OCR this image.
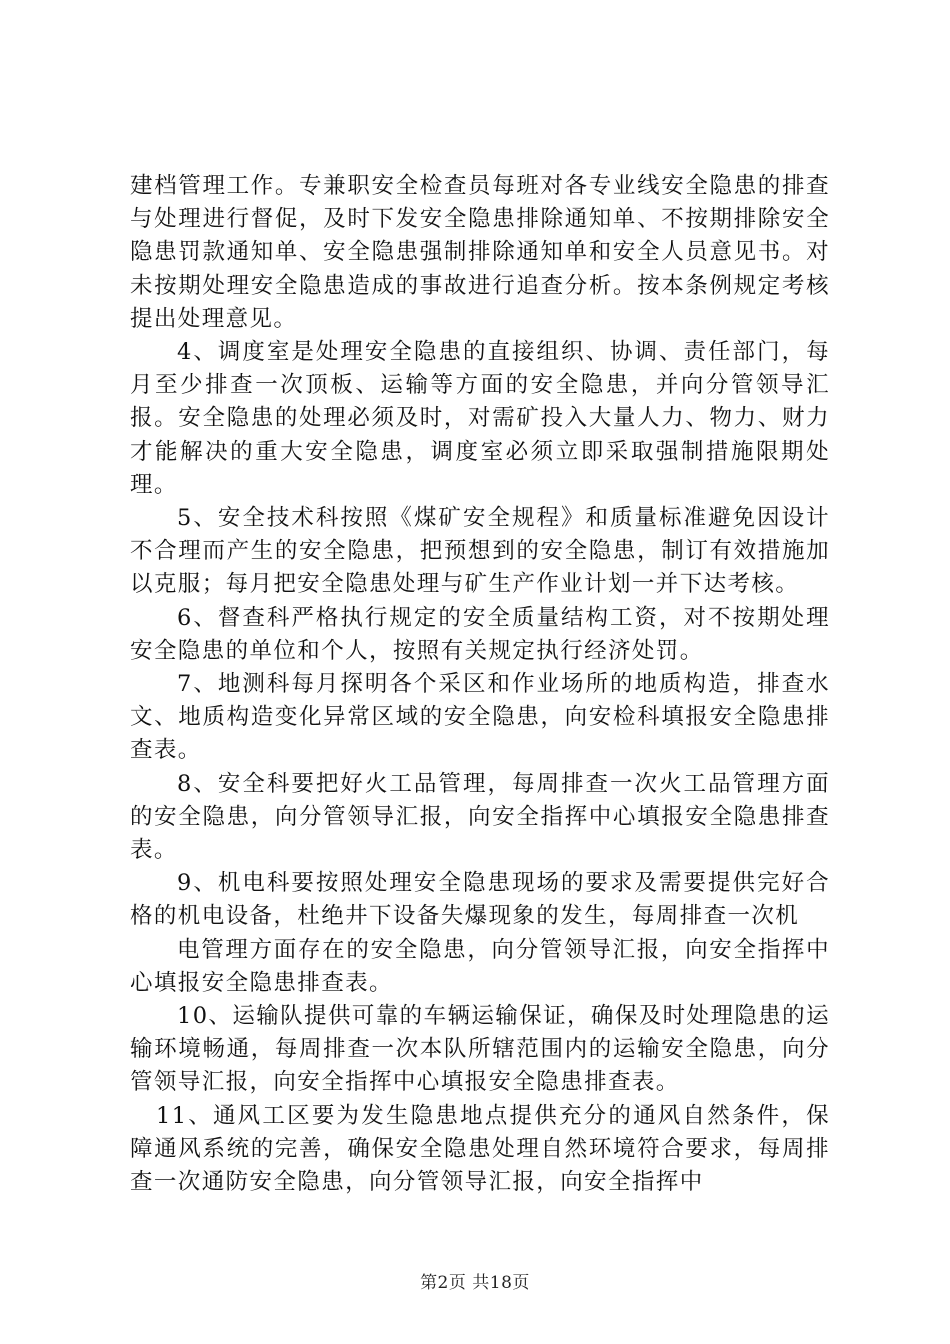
建档管理工作。专兼职安全检查员每班对各专业线安全隐患的排查与处理进行督促，及时下发安全隐患排除通知单、不按期排除安全隐患罚款通知单、安全隐患强制排除通知单和安全人员意见书。对未按期处理安全隐患造成的事故进行追查分析。按本条例规定考核提出处理意见。

4、调度室是处理安全隐患的直接组织、协调、责任部门，每月至少排查一次顶板、运输等方面的安全隐患，并向分管领导汇报。安全隐患的处理必须及时，对需矿投入大量人力、物力、财力才能解决的重大安全隐患，调度室必须立即采取强制措施限期处理。

5、安全技术科按照《煤矿安全规程》和质量标准避免因设计不合理而产生的安全隐患，把预想到的安全隐患，制订有效措施加以克服；每月把安全隐患处理与矿生产作业计划一并下达考核。

6、督查科严格执行规定的安全质量结构工资，对不按期处理安全隐患的单位和个人，按照有关规定执行经济处罚。

7、地测科每月探明各个采区和作业场所的地质构造，排查水文、地质构造变化异常区域的安全隐患，向安检科填报安全隐患排查表。

8、安全科要把好火工品管理，每周排查一次火工品管理方面的安全隐患，向分管领导汇报，向安全指挥中心填报安全隐患排查表。

9、机电科要按照处理安全隐患现场的要求及需要提供完好合格的机电设备，杜绝井下设备失爆现象的发生，每周排查一次机

电管理方面存在的安全隐患，向分管领导汇报，向安全指挥中心填报安全隐患排查表。

10、运输队提供可靠的车辆运输保证，确保及时处理隐患的运输环境畅通，每周排查一次本队所辖范围内的运输安全隐患，向分管领导汇报，向安全指挥中心填报安全隐患排查表。

11、通风工区要为发生隐患地点提供充分的通风自然条件，保障通风系统的完善，确保安全隐患处理自然环境符合要求，每周排查一次通防安全隐患，向分管领导汇报，向安全指挥中

第2页 共18页
